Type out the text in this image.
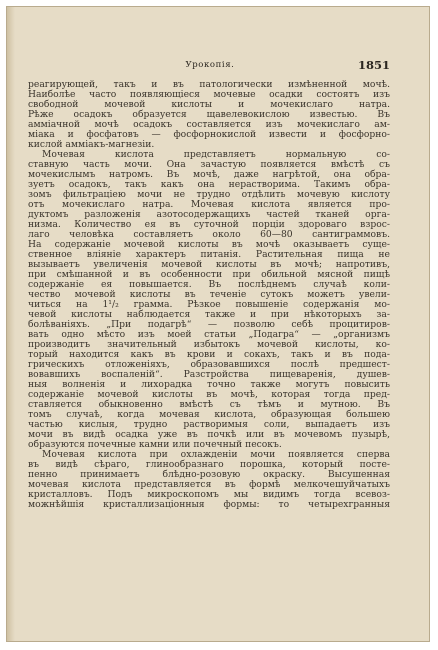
Урокопія.	1851
реагирующей, такъ и въ патологически измѣненной мочѣ.
Наиболѣе часто появляющіеся мочевые осадки состоятъ изъ
свободной мочевой кислоты и мочекислаго натра.
Рѣже осадокъ образуется щавелевокислою известью. Въ
амміачной мочѣ осадокъ составляется изъ мочекислаго ам-
міака и фосфатовъ — фосфорнокислой извести и фосфорно-
кислой амміакъ-магнезіи.
Мочевая кислота представляетъ нормальную со-
ставную часть мочи. Она зачастую появляется вмѣстѣ съ
мочекислымъ натромъ. Въ мочѣ, даже нагрѣтой, она обра-
зуетъ осадокъ, такъ какъ она нерастворима. Такимъ обра-
зомъ фильтраціею мочи не трудно отдѣлить мочевую кислоту
отъ мочекислаго натра. Мочевая кислота является про-
дуктомъ разложенія азотосодержащихъ частей тканей орга-
низма. Количество ея въ суточной порціи здороваго взрос-
лаго человѣка составляетъ около 60—80 сантиграммовъ.
На содержаніе мочевой кислоты въ мочѣ оказываетъ суще-
ственное вліяніе характеръ питанія. Растительная пища не
вызываетъ увеличенія мочевой кислоты въ мочѣ; напротивъ,
при смѣшанной и въ особенности при обильной мясной пищѣ
содержаніе ея повышается. Въ послѣднемъ случаѣ коли-
чество мочевой кислоты въ теченіе сутокъ можетъ увели-
читься на 1¹/₂ грамма. Рѣзкое повышеніе содержанія мо-
чевой кислоты наблюдается также и при нѣкоторыхъ за-
болѣваніяхъ. „При подагрѣ“ — позволю себѣ процитиров-
вать одно мѣсто изъ моей статьи „Подагра“ — „организмъ
производитъ значительный избытокъ мочевой кислоты, ко-
торый находится какъ въ крови и сокахъ, такъ и въ пода-
грическихъ отложеніяхъ, образовавшихся послѣ предшест-
вовавшихъ воспаленій“. Разстройства пищеваренія, душев-
ныя волненія и лихорадка точно также могутъ повысить
содержаніе мочевой кислоты въ мочѣ, которая тогда пред-
ставляется обыкновенно вмѣстѣ съ тѣмъ и мутною. Въ
томъ случаѣ, когда мочевая кислота, образующая большею
частью кислыя, трудно растворимыя соли, выпадаетъ изъ
мочи въ видѣ осадка уже въ почкѣ или въ мочевомъ пузырѣ,
образуются почечные камни или почечный песокъ.
Мочевая кислота при охлажденіи мочи появляется сперва
въ видѣ сѣраго, глинообразнаго порошка, который посте-
пенно принимаетъ блѣдно-розовую окраску. Высушенная
мочевая кислота представляется въ формѣ мелкочешуйчатыхъ
кристалловъ. Подъ микроскопомъ мы видимъ тогда всевоз-
можнѣйшія кристаллизаціонныя формы: то четырехгранныя
